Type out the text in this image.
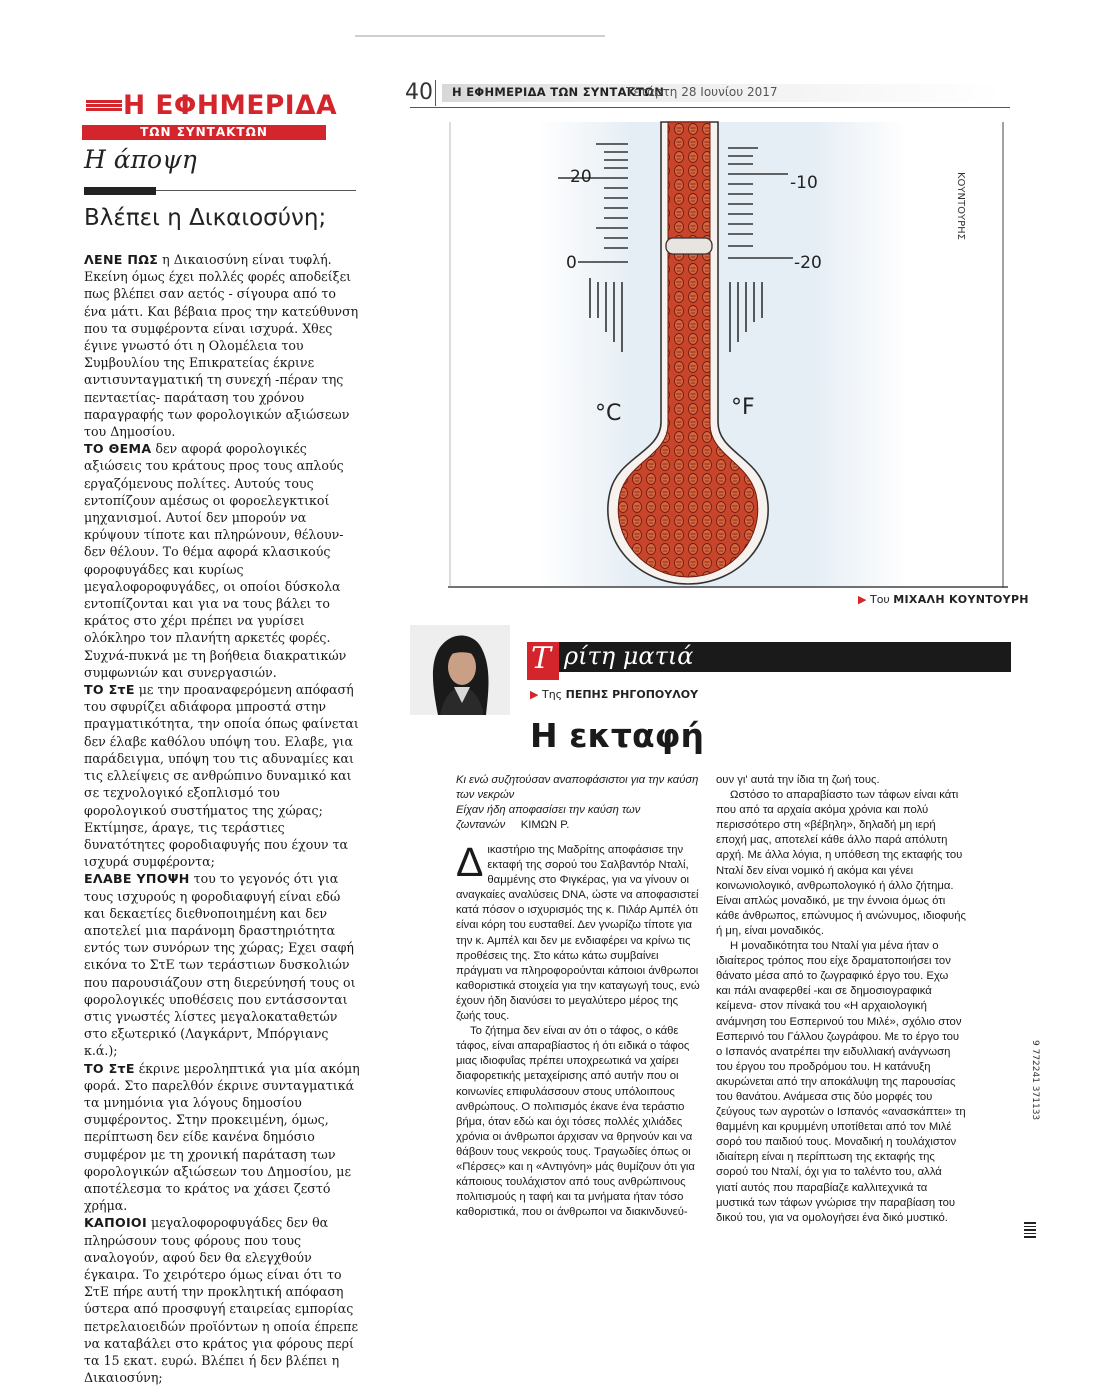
Η ΕΦΗΜΕΡΙΔΑ
ΤΩΝ ΣΥΝΤΑΚΤΩΝ
Η άποψη
Βλέπει η Δικαιοσύνη;

ΛΕΝΕ ΠΩΣ η Δικαιοσύνη είναι τυφλή. Εκείνη όμως έχει πολλές φορές αποδείξει πως βλέπει σαν αετός - σίγουρα από το ένα μάτι. Και βέβαια προς την κατεύθυνση που τα συμφέροντα είναι ισχυρά. Χθες έγινε γνωστό ότι η Ολομέλεια του Συμβουλίου της Επικρατείας έκρινε αντισυνταγματική τη συνεχή -πέραν της πενταετίας- παράταση του χρόνου παραγραφής των φορολογικών αξιώσεων του Δημοσίου.

ΤΟ ΘΕΜΑ δεν αφορά φορολογικές αξιώσεις του κράτους προς τους απλούς εργαζόμενους πολίτες. Αυτούς τους εντοπίζουν αμέσως οι φοροελεγκτικοί μηχανισμοί. Αυτοί δεν μπορούν να κρύψουν τίποτε και πληρώνουν, θέλουν-δεν θέλουν. Το θέμα αφορά κλασικούς φοροφυγάδες και κυρίως μεγαλοφοροφυγάδες, οι οποίοι δύσκολα εντοπίζονται και για να τους βάλει το κράτος στο χέρι πρέπει να γυρίσει ολόκληρο τον πλανήτη αρκετές φορές. Συχνά-πυκνά με τη βοήθεια διακρατικών συμφωνιών και συνεργασιών.

ΤΟ ΣτΕ με την προαναφερόμενη απόφασή του σφυρίζει αδιάφορα μπροστά στην πραγματικότητα, την οποία όπως φαίνεται δεν έλαβε καθόλου υπόψη του. Ελαβε, για παράδειγμα, υπόψη του τις αδυναμίες και τις ελλείψεις σε ανθρώπινο δυναμικό και σε τεχνολογικό εξοπλισμό του φορολογικού συστήματος της χώρας; Εκτίμησε, άραγε, τις τεράστιες δυνατότητες φοροδιαφυγής που έχουν τα ισχυρά συμφέροντα;

ΕΛΑΒΕ ΥΠΟΨΗ του το γεγονός ότι για τους ισχυρούς η φοροδιαφυγή είναι εδώ και δεκαετίες διεθνοποιημένη και δεν αποτελεί μια παράνομη δραστηριότητα εντός των συνόρων της χώρας; Εχει σαφή εικόνα το ΣτΕ των τεράστιων δυσκολιών που παρουσιάζουν στη διερεύνησή τους οι φορολογικές υποθέσεις που εντάσσονται στις γνωστές λίστες μεγαλοκαταθετών στο εξωτερικό (Λαγκάρντ, Μπόργιανς κ.ά.);

ΤΟ ΣτΕ έκρινε μεροληπτικά για μία ακόμη φορά. Στο παρελθόν έκρινε συνταγματικά τα μνημόνια για λόγους δημοσίου συμφέροντος. Στην προκειμένη, όμως, περίπτωση δεν είδε κανένα δημόσιο συμφέρον με τη χρονική παράταση των φορολογικών αξιώσεων του Δημοσίου, με αποτέλεσμα το κράτος να χάσει ζεστό χρήμα.

ΚΑΠΟΙΟΙ μεγαλοφοροφυγάδες δεν θα πληρώσουν τους φόρους που τους αναλογούν, αφού δεν θα ελεγχθούν έγκαιρα. Το χειρότερο όμως είναι ότι το ΣτΕ πήρε αυτή την προκλητική απόφαση ύστερα από προσφυγή εταιρείας εμπορίας πετρελαιοειδών προϊόντων η οποία έπρεπε να καταβάλει στο κράτος για φόρους περί τα 15 εκατ. ευρώ. Βλέπει ή δεν βλέπει η Δικαιοσύνη;

40 Η ΕΦΗΜΕΡΙΔΑ ΤΩΝ ΣΥΝΤΑΚΤΩΝ
Τετάρτη 28 Ιουνίου 2017
20
0
°C
-10
-20
°F
ΚΟΥΝΤΟΥΡΗΣ
▶ Του ΜΙΧΑΛΗ ΚΟΥΝΤΟΥΡΗ
Τ ρίτη ματιά
▶ Της ΠΕΠΗΣ ΡΗΓΟΠΟΥΛΟΥ
Η εκταφή

Κι ενώ συζητούσαν αναποφάσιστοι για την καύση των νεκρών

Είχαν ήδη αποφασίσει την καύση των ζωντανών ΚΙΜΩΝ Ρ.

Δικαστήριο της Μαδρίτης αποφάσισε την εκταφή της σορού του Σαλβαντόρ Νταλί, θαμμένης στο Φιγκέρας, για να γίνουν οι αναγκαίες αναλύσεις DNA, ώστε να αποφασιστεί κατά πόσον ο ισχυρισμός της κ. Πιλάρ Αμπέλ ότι είναι κόρη του ευσταθεί. Δεν γνωρίζω τίποτε για την κ. Αμπέλ και δεν με ενδιαφέρει να κρίνω τις προθέσεις της. Στο κάτω κάτω συμβαίνει πράγματι να πληροφορούνται κάποιοι άνθρωποι καθοριστικά στοιχεία για την καταγωγή τους, ενώ έχουν ήδη διανύσει το μεγαλύτερο μέρος της ζωής τους.

Το ζήτημα δεν είναι αν ότι ο τάφος, ο κάθε τάφος, είναι απαραβίαστος ή ότι ειδικά ο τάφος μιας ιδιοφυΐας πρέπει υποχρεωτικά να χαίρει διαφορετικής μεταχείρισης από αυτήν που οι κοινωνίες επιφυλάσσουν στους υπόλοιπους ανθρώπους. Ο πολιτισμός έκανε ένα τεράστιο βήμα, όταν εδώ και όχι τόσες πολλές χιλιάδες χρόνια οι άνθρωποι άρχισαν να θρηνούν και να θάβουν τους νεκρούς τους. Τραγωδίες όπως οι «Πέρσες» και η «Αντιγόνη» μάς θυμίζουν ότι για κάποιους τουλάχιστον από τους ανθρώπινους πολιτισμούς η ταφή και τα μνήματα ήταν τόσο καθοριστικά, που οι άνθρωποι να διακινδυνεύ-

ουν γι' αυτά την ίδια τη ζωή τους.

Ωστόσο το απαραβίαστο των τάφων είναι κάτι που από τα αρχαία ακόμα χρόνια και πολύ περισσότερο στη «βέβηλη», δηλαδή μη ιερή εποχή μας, αποτελεί κάθε άλλο παρά απόλυτη αρχή. Με άλλα λόγια, η υπόθεση της εκταφής του Νταλί δεν είναι νομικό ή ακόμα και γένει κοινωνιολογικό, ανθρωπολογικό ή άλλο ζήτημα. Είναι απλώς μοναδικό, με την έννοια όμως ότι κάθε άνθρωπος, επώνυμος ή ανώνυμος, ιδιοφυής ή μη, είναι μοναδικός.

Η μοναδικότητα του Νταλί για μένα ήταν ο ιδιαίτερος τρόπος που είχε δραματοποιήσει τον θάνατο μέσα από το ζωγραφικό έργο του. Εχω και πάλι αναφερθεί -και σε δημοσιογραφικά κείμενα- στον πίνακά του «Η αρχαιολογική ανάμνηση του Εσπερινού του Μιλέ», σχόλιο στον Εσπερινό του Γάλλου ζωγράφου. Με το έργο του ο Ισπανός ανατρέπει την ειδυλλιακή ανάγνωση του έργου του προδρόμου του. Η κατάνυξη ακυρώνεται από την αποκάλυψη της παρουσίας του θανάτου. Ανάμεσα στις δύο μορφές του ζεύγους των αγροτών ο Ισπανός «ανασκάπτει» τη θαμμένη και κρυμμένη υποτίθεται από τον Μιλέ σορό του παιδιού τους. Μοναδική η τουλάχιστον ιδιαίτερη είναι η περίπτωση της εκταφής της σορού του Νταλί, όχι για το ταλέντο του, αλλά γιατί αυτός που παραβίαζε καλλιτεχνικά τα μυστικά των τάφων γνώρισε την παραβίαση του δικού του, για να ομολογήσει ένα δικό μυστικό.

9 772241 371133
